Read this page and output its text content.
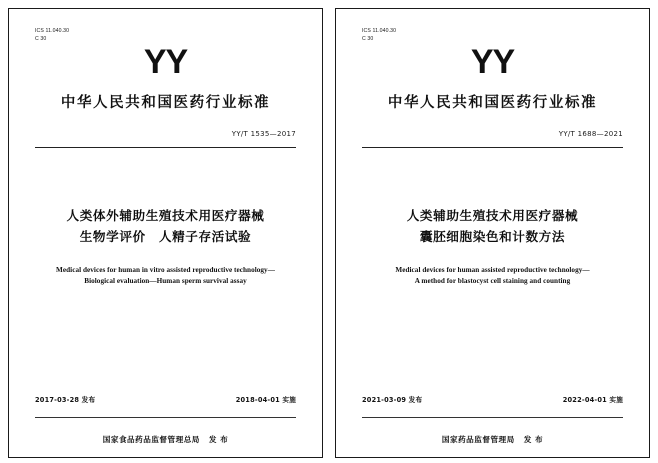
ICS 11.040.30
C 30
YY
中华人民共和国医药行业标准
YY/T 1535—2017
人类体外辅助生殖技术用医疗器械
生物学评价　人精子存活试验
Medical devices for human in vitro assisted reproductive technology—
Biological evaluation—Human sperm survival assay
2017-03-28 发布	2018-04-01 实施
国家食品药品监督管理总局 发 布
ICS 11.040.30
C 30
YY
中华人民共和国医药行业标准
YY/T 1688—2021
人类辅助生殖技术用医疗器械
囊胚细胞染色和计数方法
Medical devices for human assisted reproductive technology—
A method for blastocyst cell staining and counting
2021-03-09 发布	2022-04-01 实施
国家药品监督管理局 发 布
